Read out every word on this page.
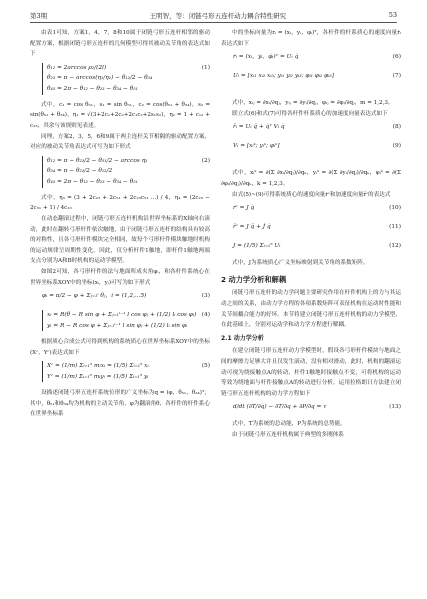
第3期	王明智，等：闭链弓形五连杆动力耦合特性研究	53

由表1可知，方案1，4，7，8和10属于闭链弓形五连杆相邻的驱动配置方案，根据闭链弓形五连杆的几何模型可得其被动关节角的表达式如下

θ₁₂ = 2arccos ρ₂/(2l)
θ₂₃ = π − arccos(η₁/η₂) − θ₁₂/2 − θ₃₄
θ₄₅ = 2π − θ₁₂ − θ₂₃ − θ₃₄ − θ₅₁
(1)

式中，c₁ = cos θ₅₁，s₁ = sin θ₅₁，c₂ = cos(θ₅₁ + θ₃₄)，s₂ = sin(θ₅₁ + θ₃₄)，η₁ = √(3+2c₁+2c₂+2c₁c₂+2s₁s₂)，η₂ = 1 + c₁₂ + c₂₃，其余与该规则见表述。

同理，方案2，3，5，6和9属于两主连杆关节相隔的驱动配置方案，对应的被动关节角表达式可写为如下形式

θ₁₂ = π − θ₂₃/2 − θ₅₁/2 − arccos η₃
θ₃₄ = π − θ₂₃/2 − θ₁₂/2
θ₄₅ = 2π − θ₁₂ − θ₂₃ − θ₃₄ − θ₅₁
(2)

式中，η₃ = (3 + 2c₂₃ + 2c₅₁ + 2c₂₃c₅₁ ...) / 4，η₄ = (2c₂₃ − 2c₅₁ + 1) / 4c₂₃

在动态翻滚过程中，闭链弓形五连杆机构沿世界坐标系的X轴向右滚动，此时在翻转弓形杆件依次触地，由于闭链弓形五连杆的结构具有较高的对称性，且各弓形杆件模块完全相同，故每个弓形杆件模块触地时机构的运动规律呈周期性变化。因此，仅分析杆件1触地，即杆件1触地两端支点分别为A和B时机构的运动学模型。

如图2可知，各弓形杆件的法与地面所成夹角φᵢ，和各杆件系统心在世界坐标系XOY中的坐标(xᵢ，yᵢ)可写为如下形式

φᵢ = π/2 − φ + Σⱼ₌₁ⁱ θⱼ，i = (1,2,...5)	(3)
xᵢ = R(θ − R sin φ + Σⱼ₌₁ⁱ⁻¹ l cos φⱼ + (1/2) lᵢ cos φᵢ)
yᵢ = R − R cos φ + Σⱼ₌₁ⁱ⁻¹ l sin φⱼ + (1/2) lᵢ sin φᵢ
(4)

根据质心合成公式可得到机构的系统质心在世界坐标系XOY中的坐标(Xᶜ，Yᶜ)表达式如下

Xᶜ = (1/m) Σᵢ₌₁⁵ mᵢxᵢ = (1/5) Σᵢ₌₁⁵ xᵢ
Yᶜ = (1/m) Σᵢ₌₁⁵ mᵢyᵢ = (1/5) Σᵢ₌₁⁵ yᵢ
(5)

设描述闭链弓形五连杆系统位形的广义坐标为q = (φ，θ₅₁，θ₃₄)ᵀ，其中，θ₅₁和θ₃₄均为机构的主动关节角，φ为翻滚角θ，各杆件的杆件系心在世界坐标系

中的坐标向量为rᵢ = (xᵢ，yᵢ，φᵢ)ᵀ，各杆件的杆系质心的速度向量ṙᵢ表达式如下

ṙᵢ = (ẋᵢ，ẏᵢ，φ̇ᵢ)ᵀ = Uᵢ q̇	(6)
Uᵢ = [xᵢ₁ xᵢ₂ xᵢ₃; yᵢ₁ yᵢ₂ yᵢ₃; φᵢ₁ φᵢ₂ φᵢ₃]	(7)

式中，xᵢⱼ = ∂xᵢ/∂qⱼ，yᵢⱼ = ∂yᵢ/∂qⱼ，φᵢⱼ = ∂φᵢ/∂qⱼ，m = 1,2,3。

联立式(6)和式(7)可得各杆件杆系质心的加速度向量表达式如下

r̈ᵢ = Uᵢ q̈ + q̇ᵀ Vᵢ q̇	(8)
Vᵢ = [xᵢᵏ; yᵢᵏ; φᵢᵏ]	(9)

式中，xᵢᵏ = ∂(Σ ∂xᵢ/∂qⱼ)/∂qₖ，yᵢᵏ = ∂(Σ ∂yᵢ/∂qⱼ)/∂qₖ，φᵢᵏ = ∂(Σ ∂φᵢ/∂qⱼ)/∂qₖ，k = 1,2,3。

由式(5)~(9)可得系统质心的速度向量ṙᶜ和加速度向量r̈ᶜ的表达式

ṙᶜ = J q̇	(10)
r̈ᶜ = J q̈ + J̇ q̇	(11)
J = (1/5) Σᵢ₌₁⁵ Uᵢ	(12)

式中，J为系统质心广义坐标映射到关节角的系数矩阵。

2 动力学分析和解耦

闭链弓形五连杆的动力学问题主要研究作用在杆件机构上的力与其运动之间的关系，由动力学方程的各项系数矩阵可表征机构在运动时性能和关节间耦合能力的好坏。本节将建立闭链弓形五连杆机构的动力学模型，在此基础上，分别对运动学和动力学方程进行解耦。

2.1 动力学分析

在建立闭链弓形五连杆动力学模型时，假设各弓形杆件模块与地面之间的摩擦力足够大并且仅发生滚动，没有相对滑动，此时，机构的翻滚运动可视为绕接触点A的转动，杆件1触地时接触点不变，可将机构的运动等效为绕地面与杆件接触点A的转动进行分析。运用拉格朗日方法建立闭链弓形五连杆机构的动力学方程如下

d/dt (∂T/∂q̇) − ∂T/∂q + ∂P/∂q = τ	(13)

式中，T为系统的总动能，P为系统的总势能。

由于闭链弓形五连杆机构属于典型的多刚体系
